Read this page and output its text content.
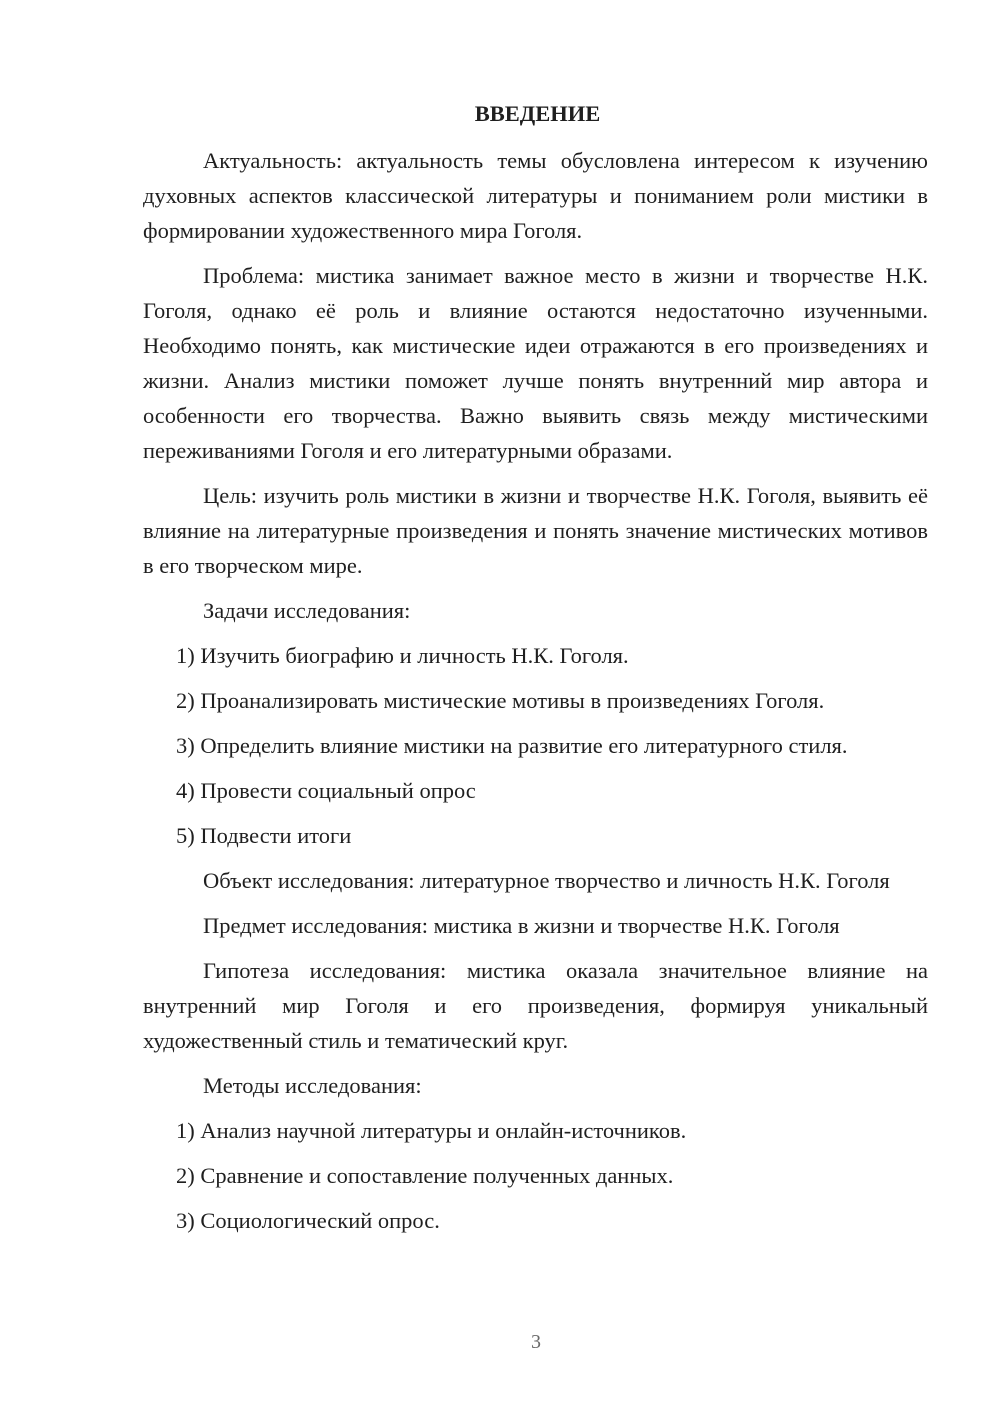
ВВЕДЕНИЕ

Актуальность: актуальность темы обусловлена интересом к изучению духовных аспектов классической литературы и пониманием роли мистики в формировании художественного мира Гоголя.

Проблема: мистика занимает важное место в жизни и творчестве Н.К. Гоголя, однако её роль и влияние остаются недостаточно изученными. Необходимо понять, как мистические идеи отражаются в его произведениях и жизни. Анализ мистики поможет лучше понять внутренний мир автора и особенности его творчества. Важно выявить связь между мистическими переживаниями Гоголя и его литературными образами.

Цель: изучить роль мистики в жизни и творчестве Н.К. Гоголя, выявить её влияние на литературные произведения и понять значение мистических мотивов в его творческом мире.

Задачи исследования:

1) Изучить биографию и личность Н.К. Гоголя.
2) Проанализировать мистические мотивы в произведениях Гоголя.
3) Определить влияние мистики на развитие его литературного стиля.
4) Провести социальный опрос
5) Подвести итоги

Объект исследования: литературное творчество и личность Н.К. Гоголя

Предмет исследования: мистика в жизни и творчестве Н.К. Гоголя

Гипотеза исследования: мистика оказала значительное влияние на внутренний мир Гоголя и его произведения, формируя уникальный художественный стиль и тематический круг.

Методы исследования:

1) Анализ научной литературы и онлайн-источников.
2) Сравнение и сопоставление полученных данных.
3) Социологический опрос.
3
